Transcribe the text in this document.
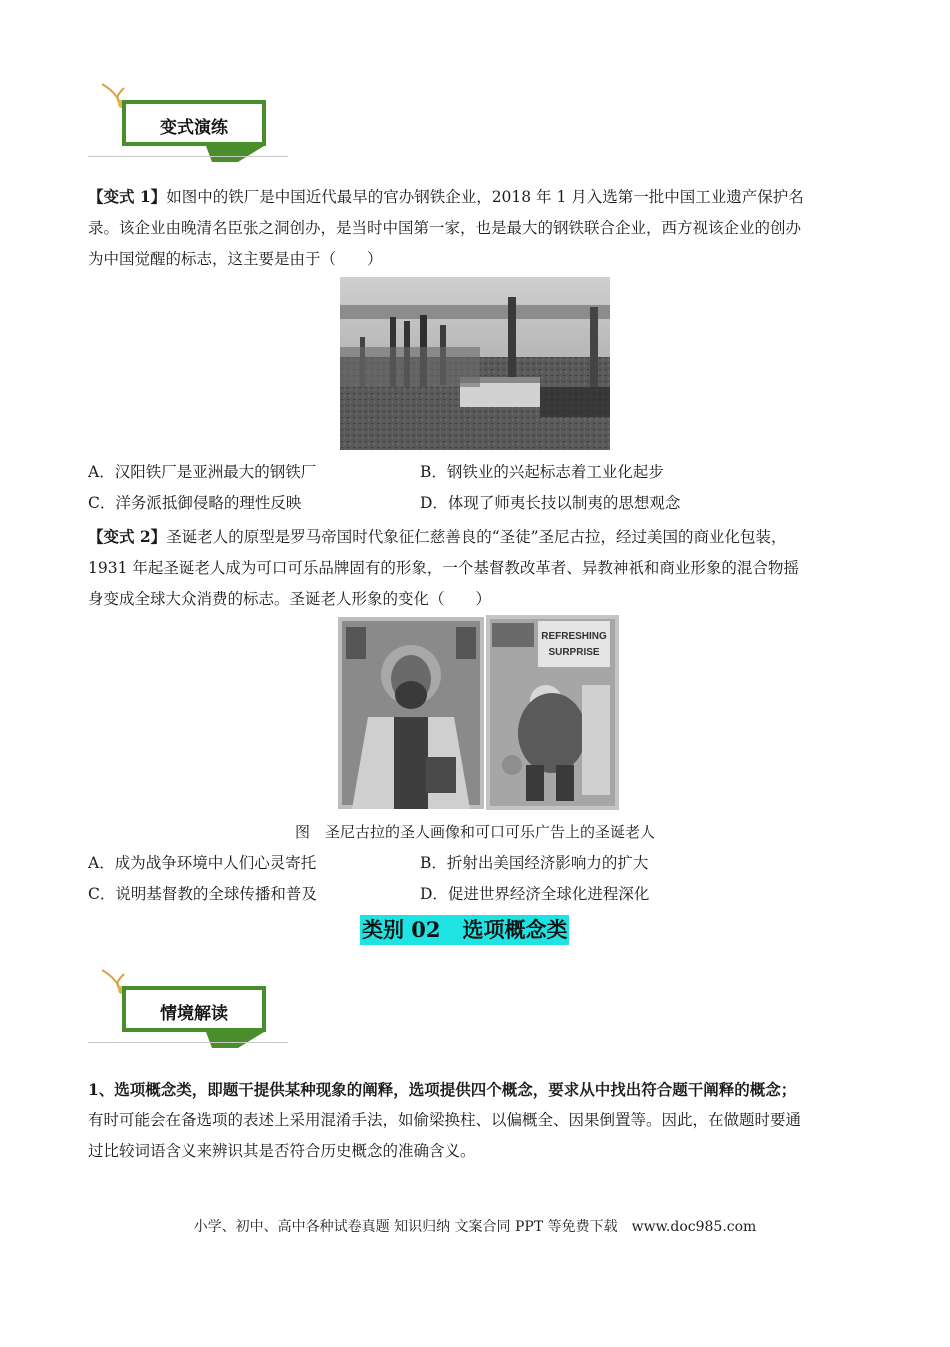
变式演练
【变式 1】如图中的铁厂是中国近代最早的官办钢铁企业，2018 年 1 月入选第一批中国工业遗产保护名
录。该企业由晚清名臣张之洞创办，是当时中国第一家，也是最大的钢铁联合企业，西方视该企业的创办
为中国觉醒的标志，这主要是由于（　　）
A．汉阳铁厂是亚洲最大的钢铁厂	B．钢铁业的兴起标志着工业化起步
C．洋务派抵御侵略的理性反映	D．体现了师夷长技以制夷的思想观念
【变式 2】圣诞老人的原型是罗马帝国时代象征仁慈善良的“圣徒”圣尼古拉，经过美国的商业化包装，
1931 年起圣诞老人成为可口可乐品牌固有的形象，一个基督教改革者、异教神祇和商业形象的混合物摇
身变成全球大众消费的标志。圣诞老人形象的变化（　　）
REFRESHING
SURPRISE
图　圣尼古拉的圣人画像和可口可乐广告上的圣诞老人
A．成为战争环境中人们心灵寄托	B．折射出美国经济影响力的扩大
C．说明基督教的全球传播和普及	D．促进世界经济全球化进程深化
类别 02   选项概念类
情境解读
1、选项概念类，即题干提供某种现象的阐释，选项提供四个概念，要求从中找出符合题干阐释的概念；
有时可能会在备选项的表述上采用混淆手法，如偷梁换柱、以偏概全、因果倒置等。因此，在做题时要通
过比较词语含义来辨识其是否符合历史概念的准确含义。
小学、初中、高中各种试卷真题 知识归纳 文案合同 PPT 等免费下载　www.doc985.com
